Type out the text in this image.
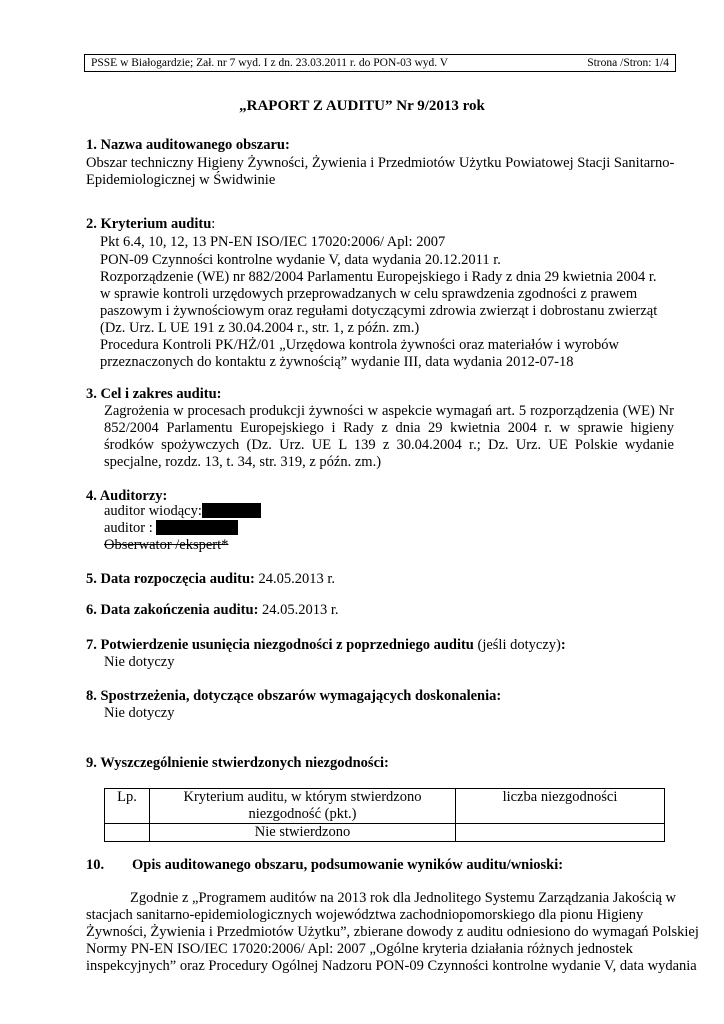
PSSE w Białogardzie; Zał. nr 7 wyd. I z dn. 23.03.2011 r. do PON-03 wyd. V	Strona /Stron: 1/4
„RAPORT Z AUDITU” Nr 9/2013 rok
1. Nazwa auditowanego obszaru:
Obszar techniczny Higieny Żywności, Żywienia i Przedmiotów Użytku Powiatowej Stacji Sanitarno-
Epidemiologicznej w Świdwinie
2. Kryterium auditu:
Pkt 6.4, 10, 12, 13 PN-EN ISO/IEC 17020:2006/ Apl: 2007
PON-09 Czynności kontrolne wydanie V, data wydania 20.12.2011 r.
Rozporządzenie (WE) nr 882/2004 Parlamentu Europejskiego i Rady z dnia 29 kwietnia 2004 r.
w sprawie kontroli urzędowych przeprowadzanych w celu sprawdzenia zgodności z prawem
paszowym i żywnościowym oraz regułami dotyczącymi zdrowia zwierząt i dobrostanu zwierząt
(Dz. Urz. L UE 191 z 30.04.2004 r., str. 1, z późn. zm.)
Procedura Kontroli PK/HŻ/01 „Urzędowa kontrola żywności oraz materiałów i wyrobów
przeznaczonych do kontaktu z żywnością” wydanie III, data wydania 2012-07-18
3. Cel i zakres auditu:
Zagrożenia w procesach produkcji żywności w aspekcie wymagań art. 5 rozporządzenia (WE) Nr 852/2004 Parlamentu Europejskiego i Rady z dnia 29 kwietnia 2004 r. w sprawie higieny środków spożywczych (Dz. Urz. UE L 139 z 30.04.2004 r.; Dz. Urz. UE Polskie wydanie specjalne, rozdz. 13, t. 34, str. 319, z późn. zm.)
4. Auditorzy:
auditor wiodący:
auditor :
Obserwator /ekspert*
5. Data rozpoczęcia auditu: 24.05.2013 r.
6. Data zakończenia auditu: 24.05.2013 r.
7. Potwierdzenie usunięcia niezgodności z poprzedniego auditu (jeśli dotyczy):
Nie dotyczy
8. Spostrzeżenia, dotyczące obszarów wymagających doskonalenia:
Nie dotyczy
9. Wyszczególnienie stwierdzonych niezgodności:
Lp.	Kryterium auditu, w którym stwierdzono
niezgodność (pkt.)	liczba niezgodności
	Nie stwierdzono	
10. Opis auditowanego obszaru, podsumowanie wyników auditu/wnioski:
Zgodnie z „Programem auditów na 2013 rok dla Jednolitego Systemu Zarządzania Jakością w
stacjach sanitarno-epidemiologicznych województwa zachodniopomorskiego dla pionu Higieny
Żywności, Żywienia i Przedmiotów Użytku”, zbierane dowody z auditu odniesiono do wymagań Polskiej
Normy PN-EN ISO/IEC 17020:2006/ Apl: 2007 „Ogólne kryteria działania różnych jednostek
inspekcyjnych” oraz Procedury Ogólnej Nadzoru PON-09 Czynności kontrolne wydanie V, data wydania
